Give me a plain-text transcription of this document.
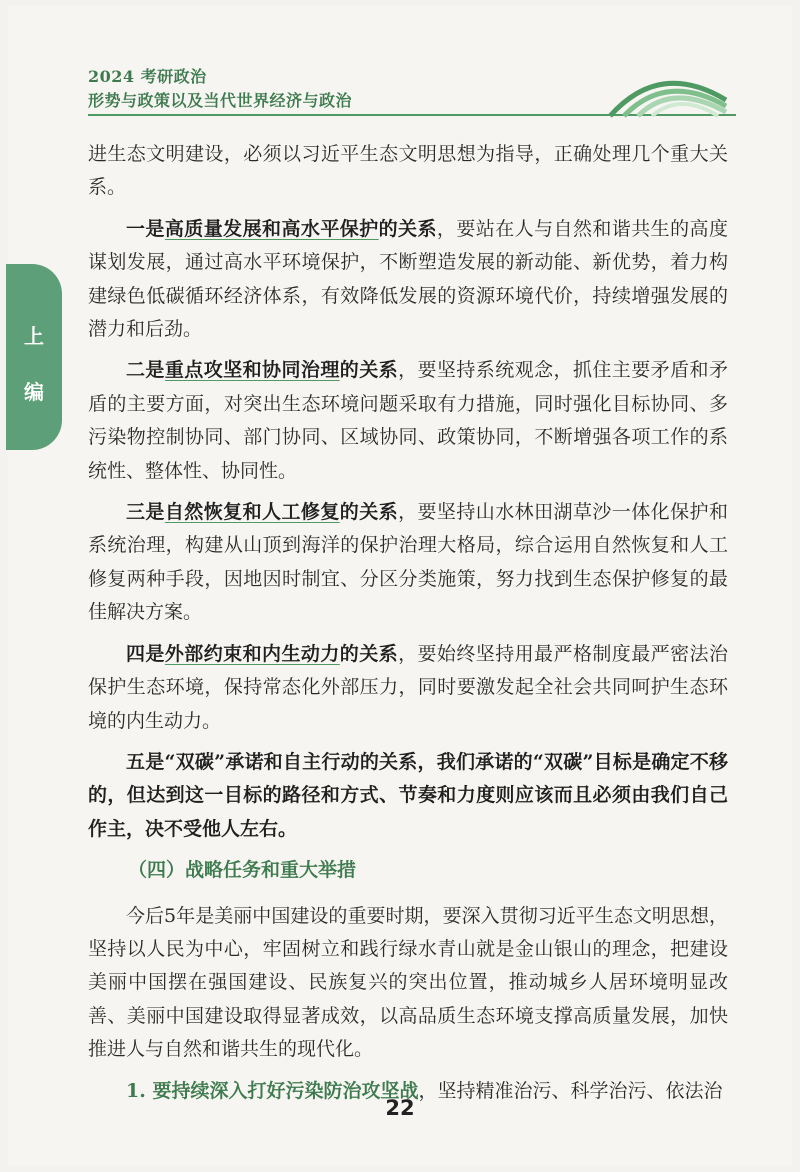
2024 考研政治
形势与政策以及当代世界经济与政治
上
编

进生态文明建设，必须以习近平生态文明思想为指导，正确处理几个重大关系。

一是高质量发展和高水平保护的关系，要站在人与自然和谐共生的高度谋划发展，通过高水平环境保护，不断塑造发展的新动能、新优势，着力构建绿色低碳循环经济体系，有效降低发展的资源环境代价，持续增强发展的潜力和后劲。

二是重点攻坚和协同治理的关系，要坚持系统观念，抓住主要矛盾和矛盾的主要方面，对突出生态环境问题采取有力措施，同时强化目标协同、多污染物控制协同、部门协同、区域协同、政策协同，不断增强各项工作的系统性、整体性、协同性。

三是自然恢复和人工修复的关系，要坚持山水林田湖草沙一体化保护和系统治理，构建从山顶到海洋的保护治理大格局，综合运用自然恢复和人工修复两种手段，因地因时制宜、分区分类施策，努力找到生态保护修复的最佳解决方案。

四是外部约束和内生动力的关系，要始终坚持用最严格制度最严密法治保护生态环境，保持常态化外部压力，同时要激发起全社会共同呵护生态环境的内生动力。

五是“双碳”承诺和自主行动的关系，我们承诺的“双碳”目标是确定不移的，但达到这一目标的路径和方式、节奏和力度则应该而且必须由我们自己作主，决不受他人左右。

（四）战略任务和重大举措

今后5年是美丽中国建设的重要时期，要深入贯彻习近平生态文明思想，坚持以人民为中心，牢固树立和践行绿水青山就是金山银山的理念，把建设美丽中国摆在强国建设、民族复兴的突出位置，推动城乡人居环境明显改善、美丽中国建设取得显著成效，以高品质生态环境支撑高质量发展，加快推进人与自然和谐共生的现代化。

1. 要持续深入打好污染防治攻坚战，坚持精准治污、科学治污、依法治

22
